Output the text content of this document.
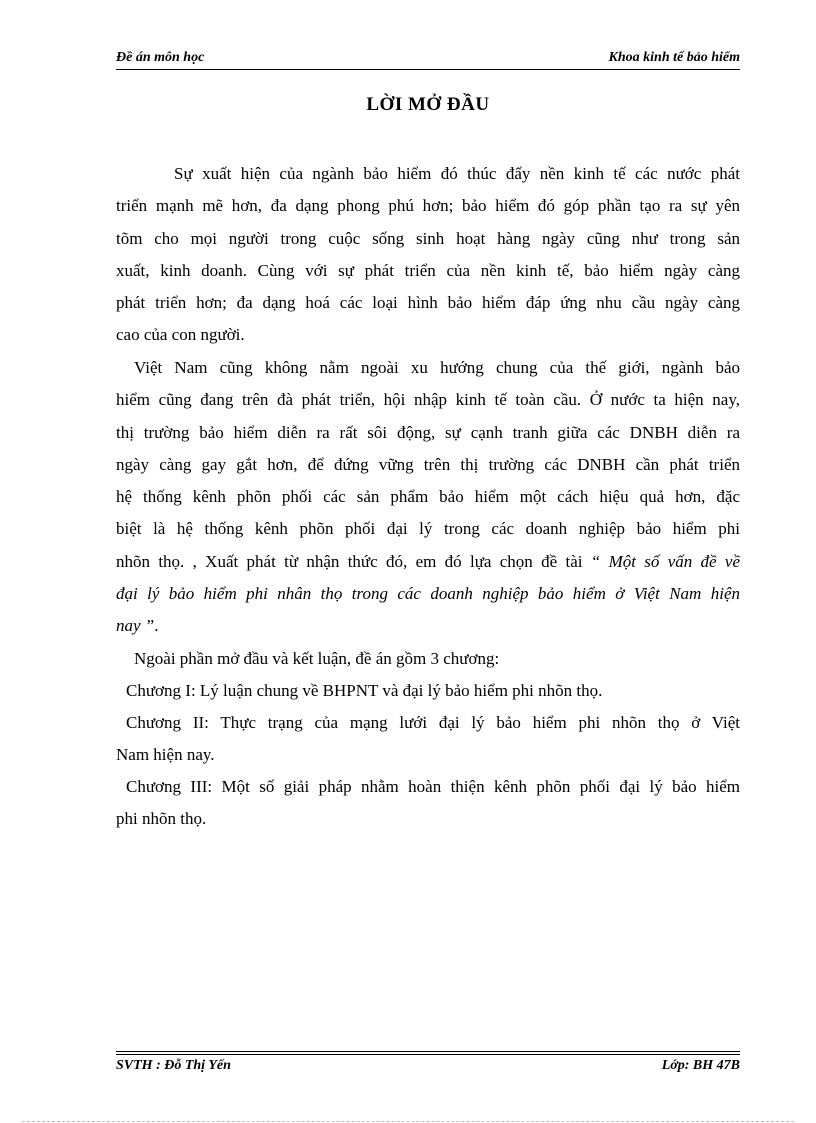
Đề án môn học	Khoa kinh tế bảo hiểm
LỜI MỞ ĐẦU
Sự xuất hiện của ngành bảo hiểm đó thúc đẩy nền kinh tế các nước phát
triển mạnh mẽ hơn, đa dạng phong phú hơn; bảo hiểm đó góp phần tạo ra sự yên
tõm cho mọi người trong cuộc sống sinh hoạt hàng ngày cũng như trong sản
xuất, kinh doanh. Cùng với sự phát triển của nền kinh tế, bảo hiểm ngày càng
phát triển hơn; đa dạng hoá các loại hình bảo hiểm đáp ứng nhu cầu ngày càng
cao của con người.
Việt Nam cũng không nằm ngoài xu hướng chung của thế giới, ngành bảo
hiểm cũng đang trên đà phát triển, hội nhập kinh tế toàn cầu. Ở nước ta hiện nay,
thị trường bảo hiểm diễn ra rất sôi động, sự cạnh tranh giữa các DNBH diễn ra
ngày càng gay gắt hơn, để đứng vững trên thị trường các DNBH cần phát triển
hệ thống kênh phõn phối các sản phẩm bảo hiểm một cách hiệu quả hơn, đặc
biệt là hệ thống kênh phõn phối đại lý trong các doanh nghiệp bảo hiểm phi
nhõn thọ. , Xuất phát từ nhận thức đó, em đó lựa chọn đề tài “ Một số vấn đề về
đại lý bảo hiểm phi nhân thọ trong các doanh nghiệp bảo hiểm ở Việt Nam hiện
nay ”.
Ngoài phần mở đầu và kết luận, đề án gồm 3 chương:
Chương I: Lý luận chung về BHPNT và đại lý bảo hiểm phi nhõn thọ.
Chương II: Thực trạng của mạng lưới đại lý bảo hiểm phi nhõn thọ ở Việt
Nam hiện nay.
Chương III: Một số giải pháp nhằm hoàn thiện kênh phõn phối đại lý bảo hiểm
phi nhõn thọ.
SVTH : Đỗ Thị Yến	Lớp: BH 47B
